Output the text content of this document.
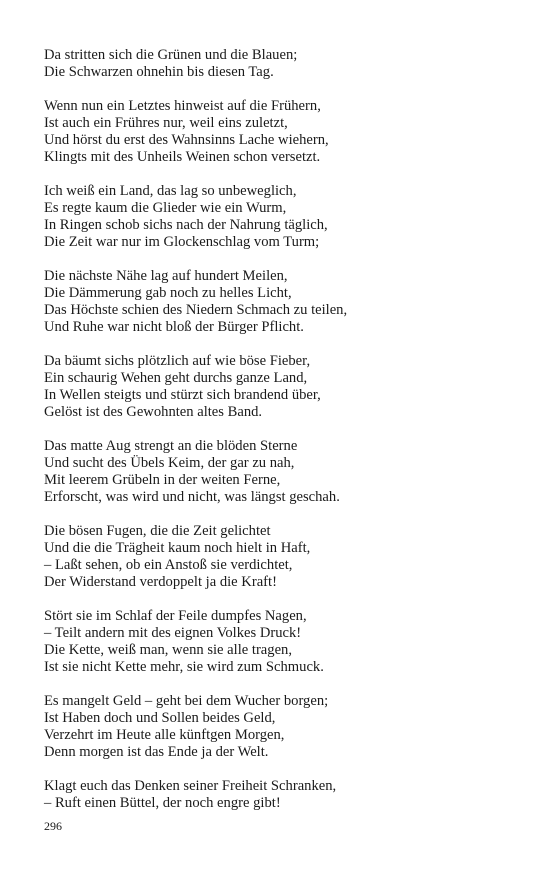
Da stritten sich die Grünen und die Blauen;
Die Schwarzen ohnehin bis diesen Tag.
Wenn nun ein Letztes hinweist auf die Frühern,
Ist auch ein Frühres nur, weil eins zuletzt,
Und hörst du erst des Wahnsinns Lache wiehern,
Klingts mit des Unheils Weinen schon versetzt.
Ich weiß ein Land, das lag so unbeweglich,
Es regte kaum die Glieder wie ein Wurm,
In Ringen schob sichs nach der Nahrung täglich,
Die Zeit war nur im Glockenschlag vom Turm;
Die nächste Nähe lag auf hundert Meilen,
Die Dämmerung gab noch zu helles Licht,
Das Höchste schien des Niedern Schmach zu teilen,
Und Ruhe war nicht bloß der Bürger Pflicht.
Da bäumt sichs plötzlich auf wie böse Fieber,
Ein schaurig Wehen geht durchs ganze Land,
In Wellen steigts und stürzt sich brandend über,
Gelöst ist des Gewohnten altes Band.
Das matte Aug strengt an die blöden Sterne
Und sucht des Übels Keim, der gar zu nah,
Mit leerem Grübeln in der weiten Ferne,
Erforscht, was wird und nicht, was längst geschah.
Die bösen Fugen, die die Zeit gelichtet
Und die die Trägheit kaum noch hielt in Haft,
– Laßt sehen, ob ein Anstoß sie verdichtet,
Der Widerstand verdoppelt ja die Kraft!
Stört sie im Schlaf der Feile dumpfes Nagen,
– Teilt andern mit des eignen Volkes Druck!
Die Kette, weiß man, wenn sie alle tragen,
Ist sie nicht Kette mehr, sie wird zum Schmuck.
Es mangelt Geld – geht bei dem Wucher borgen;
Ist Haben doch und Sollen beides Geld,
Verzehrt im Heute alle künftgen Morgen,
Denn morgen ist das Ende ja der Welt.
Klagt euch das Denken seiner Freiheit Schranken,
– Ruft einen Büttel, der noch engre gibt!
296
